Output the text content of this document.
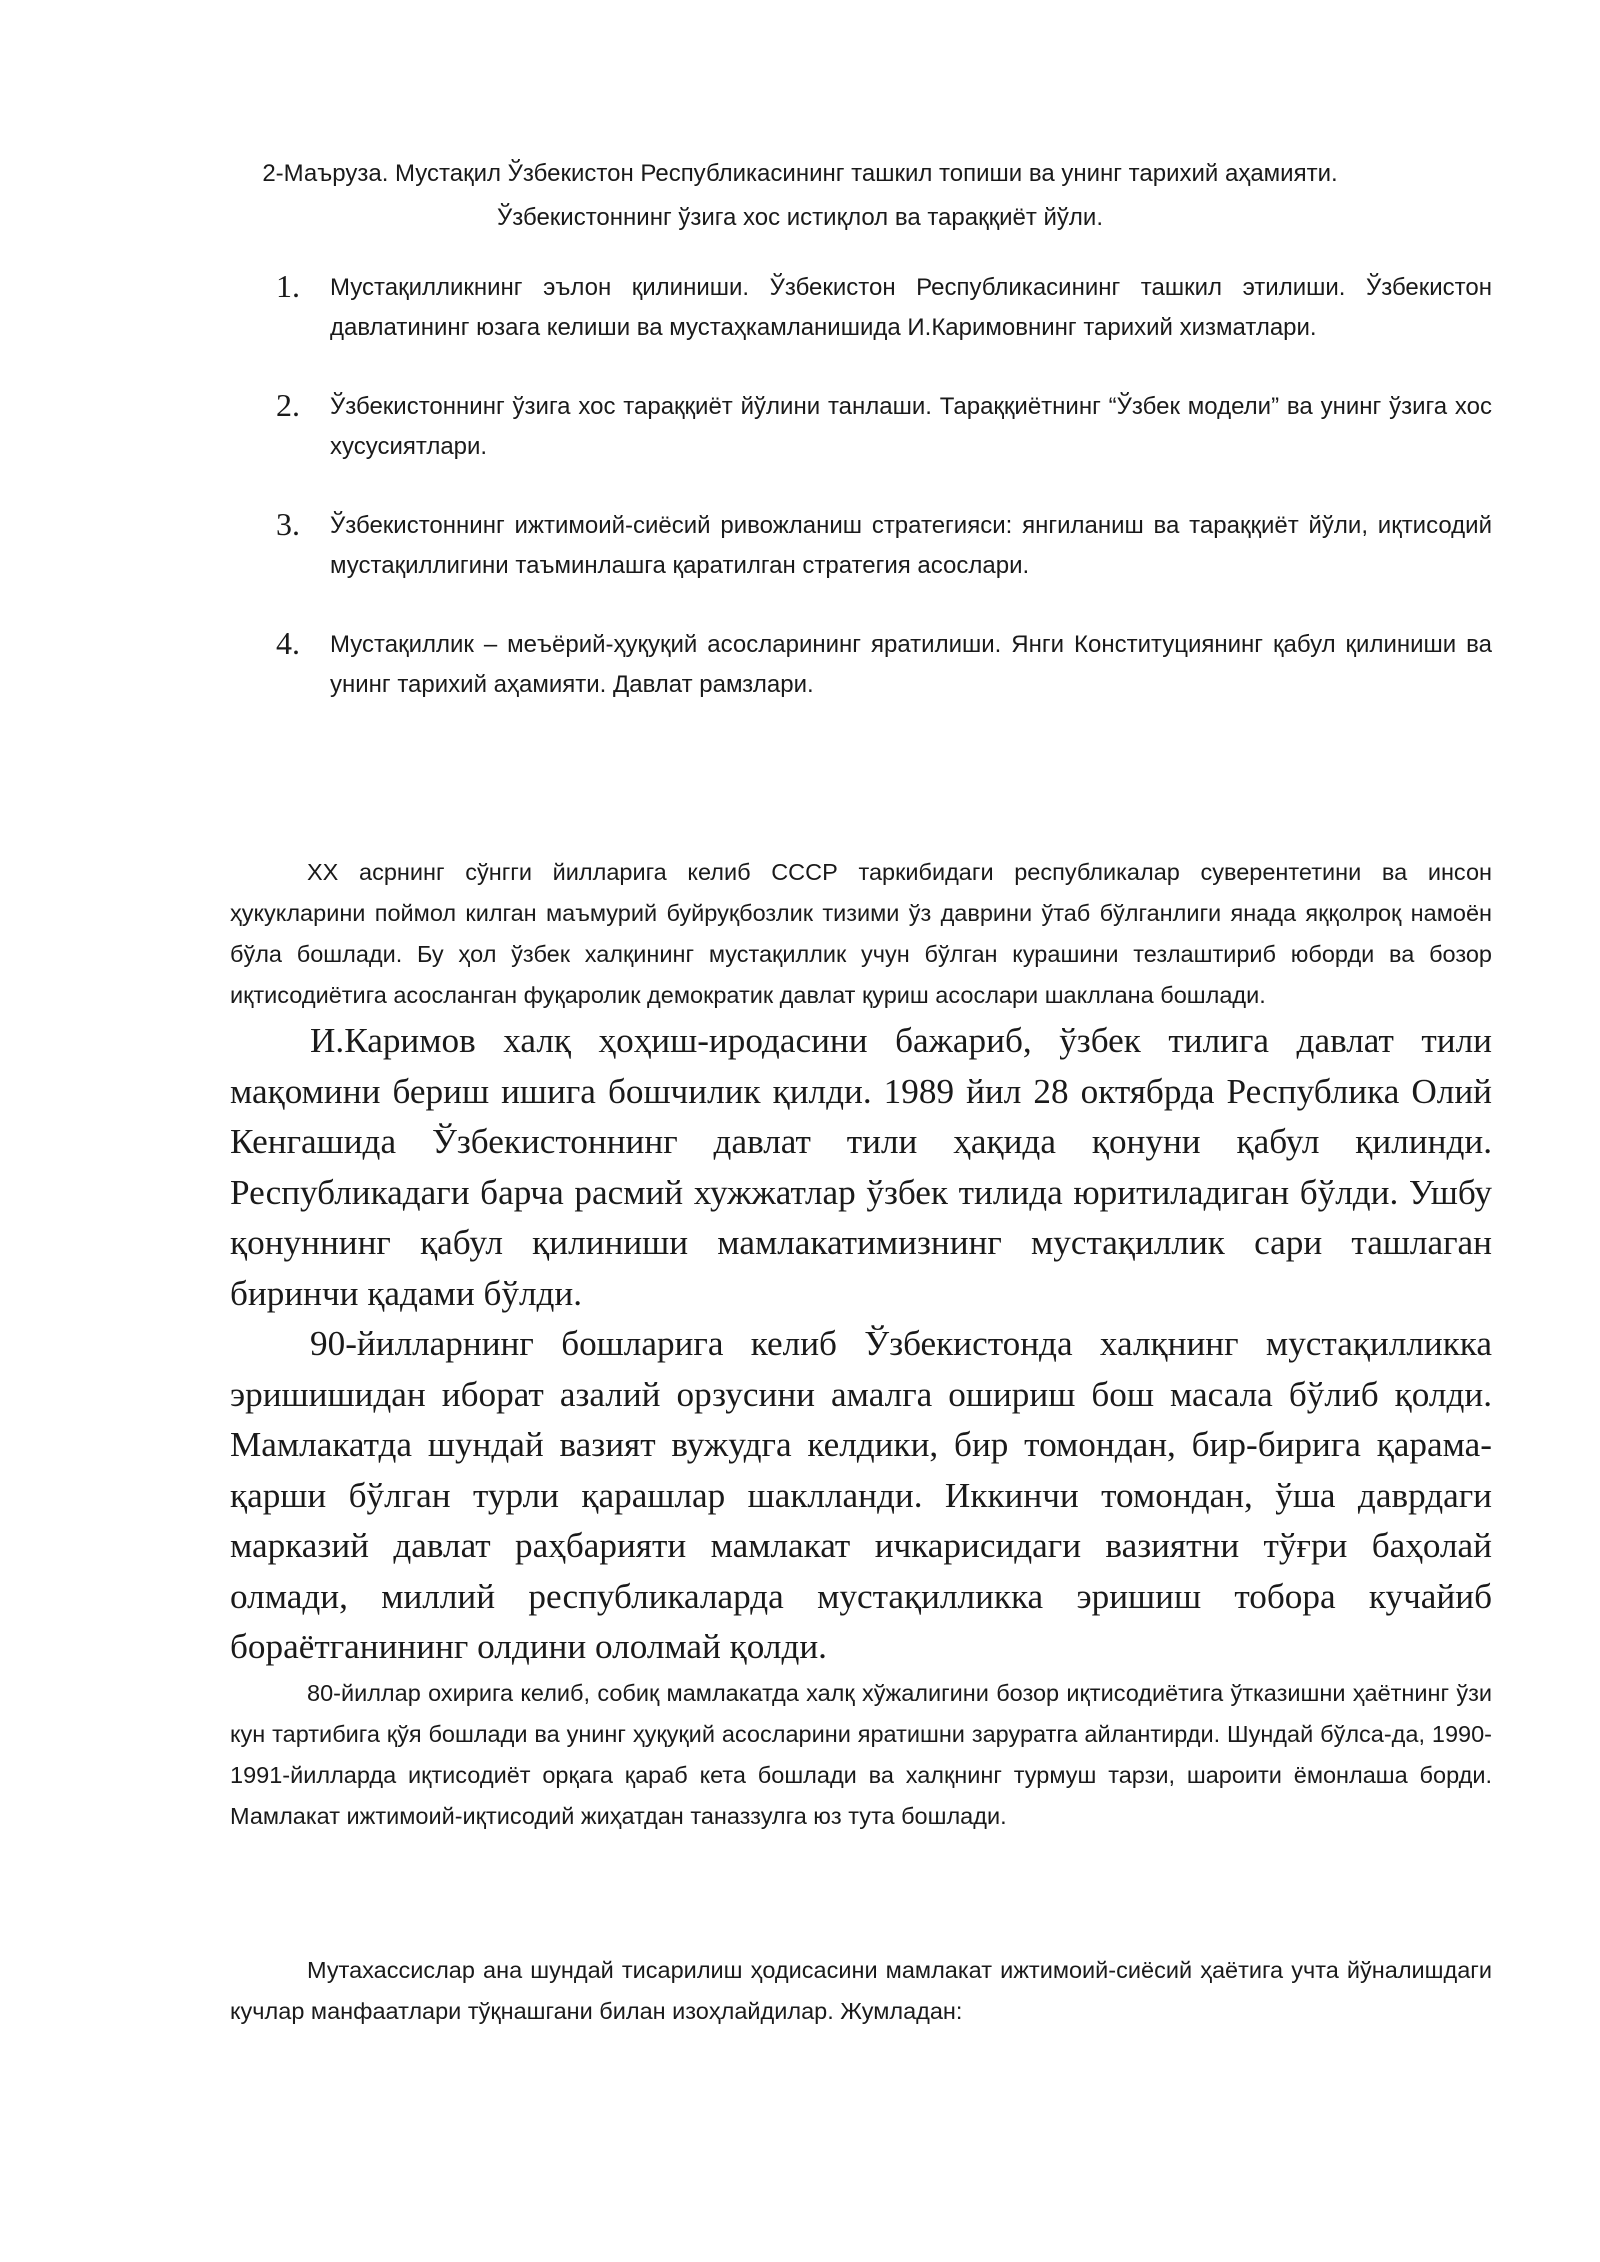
2-Маъруза. Мустақил Ўзбекистон Республикасининг ташкил топиши ва унинг тарихий аҳамияти.
Ўзбекистоннинг ўзига хос истиқлол ва тараққиёт йўли.
1. Мустақилликнинг эълон қилиниши. Ўзбекистон Республикасининг ташкил этилиши. Ўзбекистон давлатининг юзага келиши ва мустаҳкамланишида И.Каримовнинг тарихий хизматлари.
2. Ўзбекистоннинг ўзига хос тараққиёт йўлини танлаши. Тараққиётнинг “Ўзбек модели” ва унинг ўзига хос хусусиятлари.
3. Ўзбекистоннинг ижтимоий-сиёсий ривожланиш стратегияси: янгиланиш ва тараққиёт йўли, иқтисодий мустақиллигини таъминлашга қаратилган стратегия асослари.
4. Мустақиллик – меъёрий-ҳуқуқий асосларининг яратилиши. Янги Конституциянинг қабул қилиниши ва унинг тарихий аҳамияти. Давлат рамзлари.

XX асрнинг сўнгги йилларига келиб СССР таркибидаги республикалар суверентетини ва инсон ҳукукларини поймол килган маъмурий буйруқбозлик тизими ўз даврини ўтаб бўлганлиги янада яққолроқ намоён бўла бошлади. Бу ҳол ўзбек халқининг мустақиллик учун бўлган курашини тезлаштириб юборди ва бозор иқтисодиётига асосланган фуқаролик демократик давлат қуриш асослари шакллана бошлади.

И.Каримов халқ ҳоҳиш-иродасини бажариб, ўзбек тилига давлат тили мақомини бериш ишига бошчилик қилди. 1989 йил 28 октябрда Республика Олий Кенгашида Ўзбекистоннинг давлат тили ҳақида қонуни қабул қилинди. Республикадаги барча расмий хужжатлар ўзбек тилида юритиладиган бўлди. Ушбу қонуннинг қабул қилиниши мамлакатимизнинг мустақиллик сари ташлаган биринчи қадами бўлди.

90-йилларнинг бошларига келиб Ўзбекистонда халқнинг мустақилликка эришишидан иборат азалий орзусини амалга ошириш бош масала бўлиб қолди. Мамлакатда шундай вазият вужудга келдики, бир томондан, бир-бирига қарама-қарши бўлган турли қарашлар шаклланди. Иккинчи томондан, ўша даврдаги марказий давлат раҳбарияти мамлакат ичкарисидаги вазиятни тўғри баҳолай олмади, миллий республикаларда мустақилликка эришиш тобора кучайиб бораётганининг олдини ололмай қолди.

80-йиллар охирига келиб, собиқ мамлакатда халқ хўжалигини бозор иқтисодиётига ўтказишни ҳаётнинг ўзи кун тартибига қўя бошлади ва унинг ҳуқуқий асосларини яратишни заруратга айлантирди. Шундай бўлса-да, 1990-1991-йилларда иқтисодиёт орқага қараб кета бошлади ва халқнинг турмуш тарзи, шароити ёмонлаша борди. Мамлакат ижтимоий-иқтисодий жиҳатдан таназзулга юз тута бошлади.

Мутахассислар ана шундай тисарилиш ҳодисасини мамлакат ижтимоий-сиёсий ҳаётига учта йўналишдаги кучлар манфаатлари тўқнашгани билан изоҳлайдилар. Жумладан:
